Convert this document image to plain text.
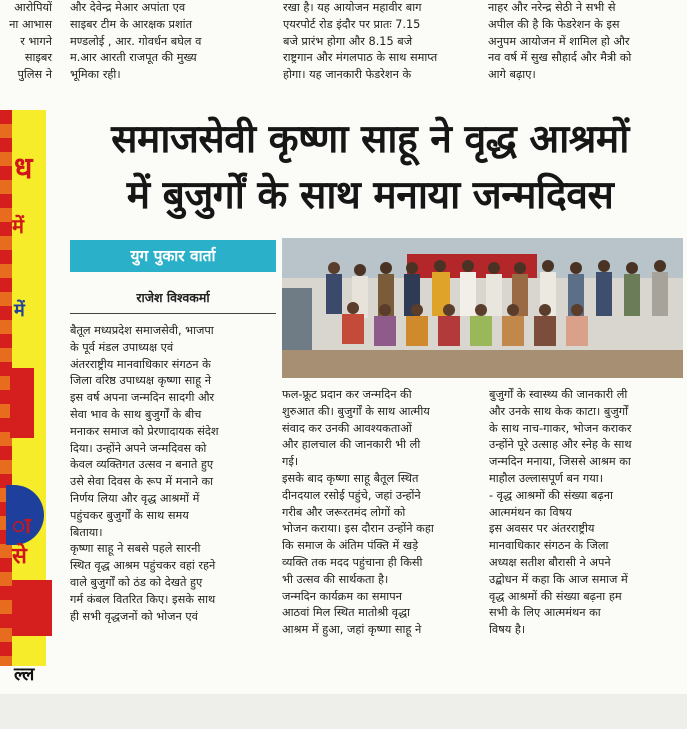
आरोपियों
ना आभास
र भागने
साइबर
पुलिस ने
और देवेन्द्र मेआर अपांता एव
साइबर टीम के आरक्षक प्रशांत
मण्डलोई , आर. गोवर्धन बघेल व
म.आर आरती राजपूत की मुख्य
भूमिका रही।
रखा है। यह आयोजन महावीर बाग
एयरपोर्ट रोड इंदौर पर प्रातः 7.15
बजे प्रारंभ होगा और 8.15 बजे
राष्ट्रगान और मंगलपाठ के साथ समाप्त
होगा। यह जानकारी फेडरेशन के
नाहर और नरेन्द्र सेठी ने सभी से
अपील की है कि फेडरेशन के इस
अनुपम आयोजन में शामिल हो और
नव वर्ष में सुख सौहार्द और मैत्री को
आगे बढ़ाए।
ध
में
में
ा से
ल्ल
समाजसेवी कृष्णा साहू ने वृद्ध आश्रमों
में बुजुर्गों के साथ मनाया जन्मदिवस
युग पुकार वार्ता
राजेश विश्वकर्मा
बैतूल मध्यप्रदेश समाजसेवी, भाजपा
के पूर्व मंडल उपाध्यक्ष एवं
अंतरराष्ट्रीय मानवाधिकार संगठन के
जिला वरिष्ठ उपाध्यक्ष कृष्णा साहू ने
इस वर्ष अपना जन्मदिन सादगी और
सेवा भाव के साथ बुजुर्गों के बीच
मनाकर समाज को प्रेरणादायक संदेश
दिया। उन्होंने अपने जन्मदिवस को
केवल व्यक्तिगत उत्सव न बनाते हुए
उसे सेवा दिवस के रूप में मनाने का
निर्णय लिया और वृद्ध आश्रमों में
पहुंचकर बुजुर्गों के साथ समय
बिताया।
कृष्णा साहू ने सबसे पहले सारनी
स्थित वृद्ध आश्रम पहुंचकर वहां रहने
वाले बुजुर्गों को ठंड को देखते हुए
गर्म कंबल वितरित किए। इसके साथ
ही सभी वृद्धजनों को भोजन एवं
फल-फ्रूट प्रदान कर जन्मदिन की
शुरुआत की। बुजुर्गों के साथ आत्मीय
संवाद कर उनकी आवश्यकताओं
और हालचाल की जानकारी भी ली
गई।
इसके बाद कृष्णा साहू बैतूल स्थित
दीनदयाल रसोई पहुंचे, जहां उन्होंने
गरीब और जरूरतमंद लोगों को
भोजन कराया। इस दौरान उन्होंने कहा
कि समाज के अंतिम पंक्ति में खड़े
व्यक्ति तक मदद पहुंचाना ही किसी
भी उत्सव की सार्थकता है।
जन्मदिन कार्यक्रम का समापन
आठवां मिल स्थित मातोश्री वृद्धा
आश्रम में हुआ, जहां कृष्णा साहू ने
बुजुर्गों के स्वास्थ्य की जानकारी ली
और उनके साथ केक काटा। बुजुर्गों
के साथ नाच-गाकर, भोजन कराकर
उन्होंने पूरे उत्साह और स्नेह के साथ
जन्मदिन मनाया, जिससे आश्रम का
माहौल उल्लासपूर्ण बन गया।
- वृद्ध आश्रमों की संख्या बढ़ना
आत्ममंथन का विषय
इस अवसर पर अंतरराष्ट्रीय
मानवाधिकार संगठन के जिला
अध्यक्ष सतीश बौरासी ने अपने
उद्बोधन में कहा कि आज समाज में
वृद्ध आश्रमों की संख्या बढ़ना हम
सभी के लिए आत्ममंथन का
विषय है।
